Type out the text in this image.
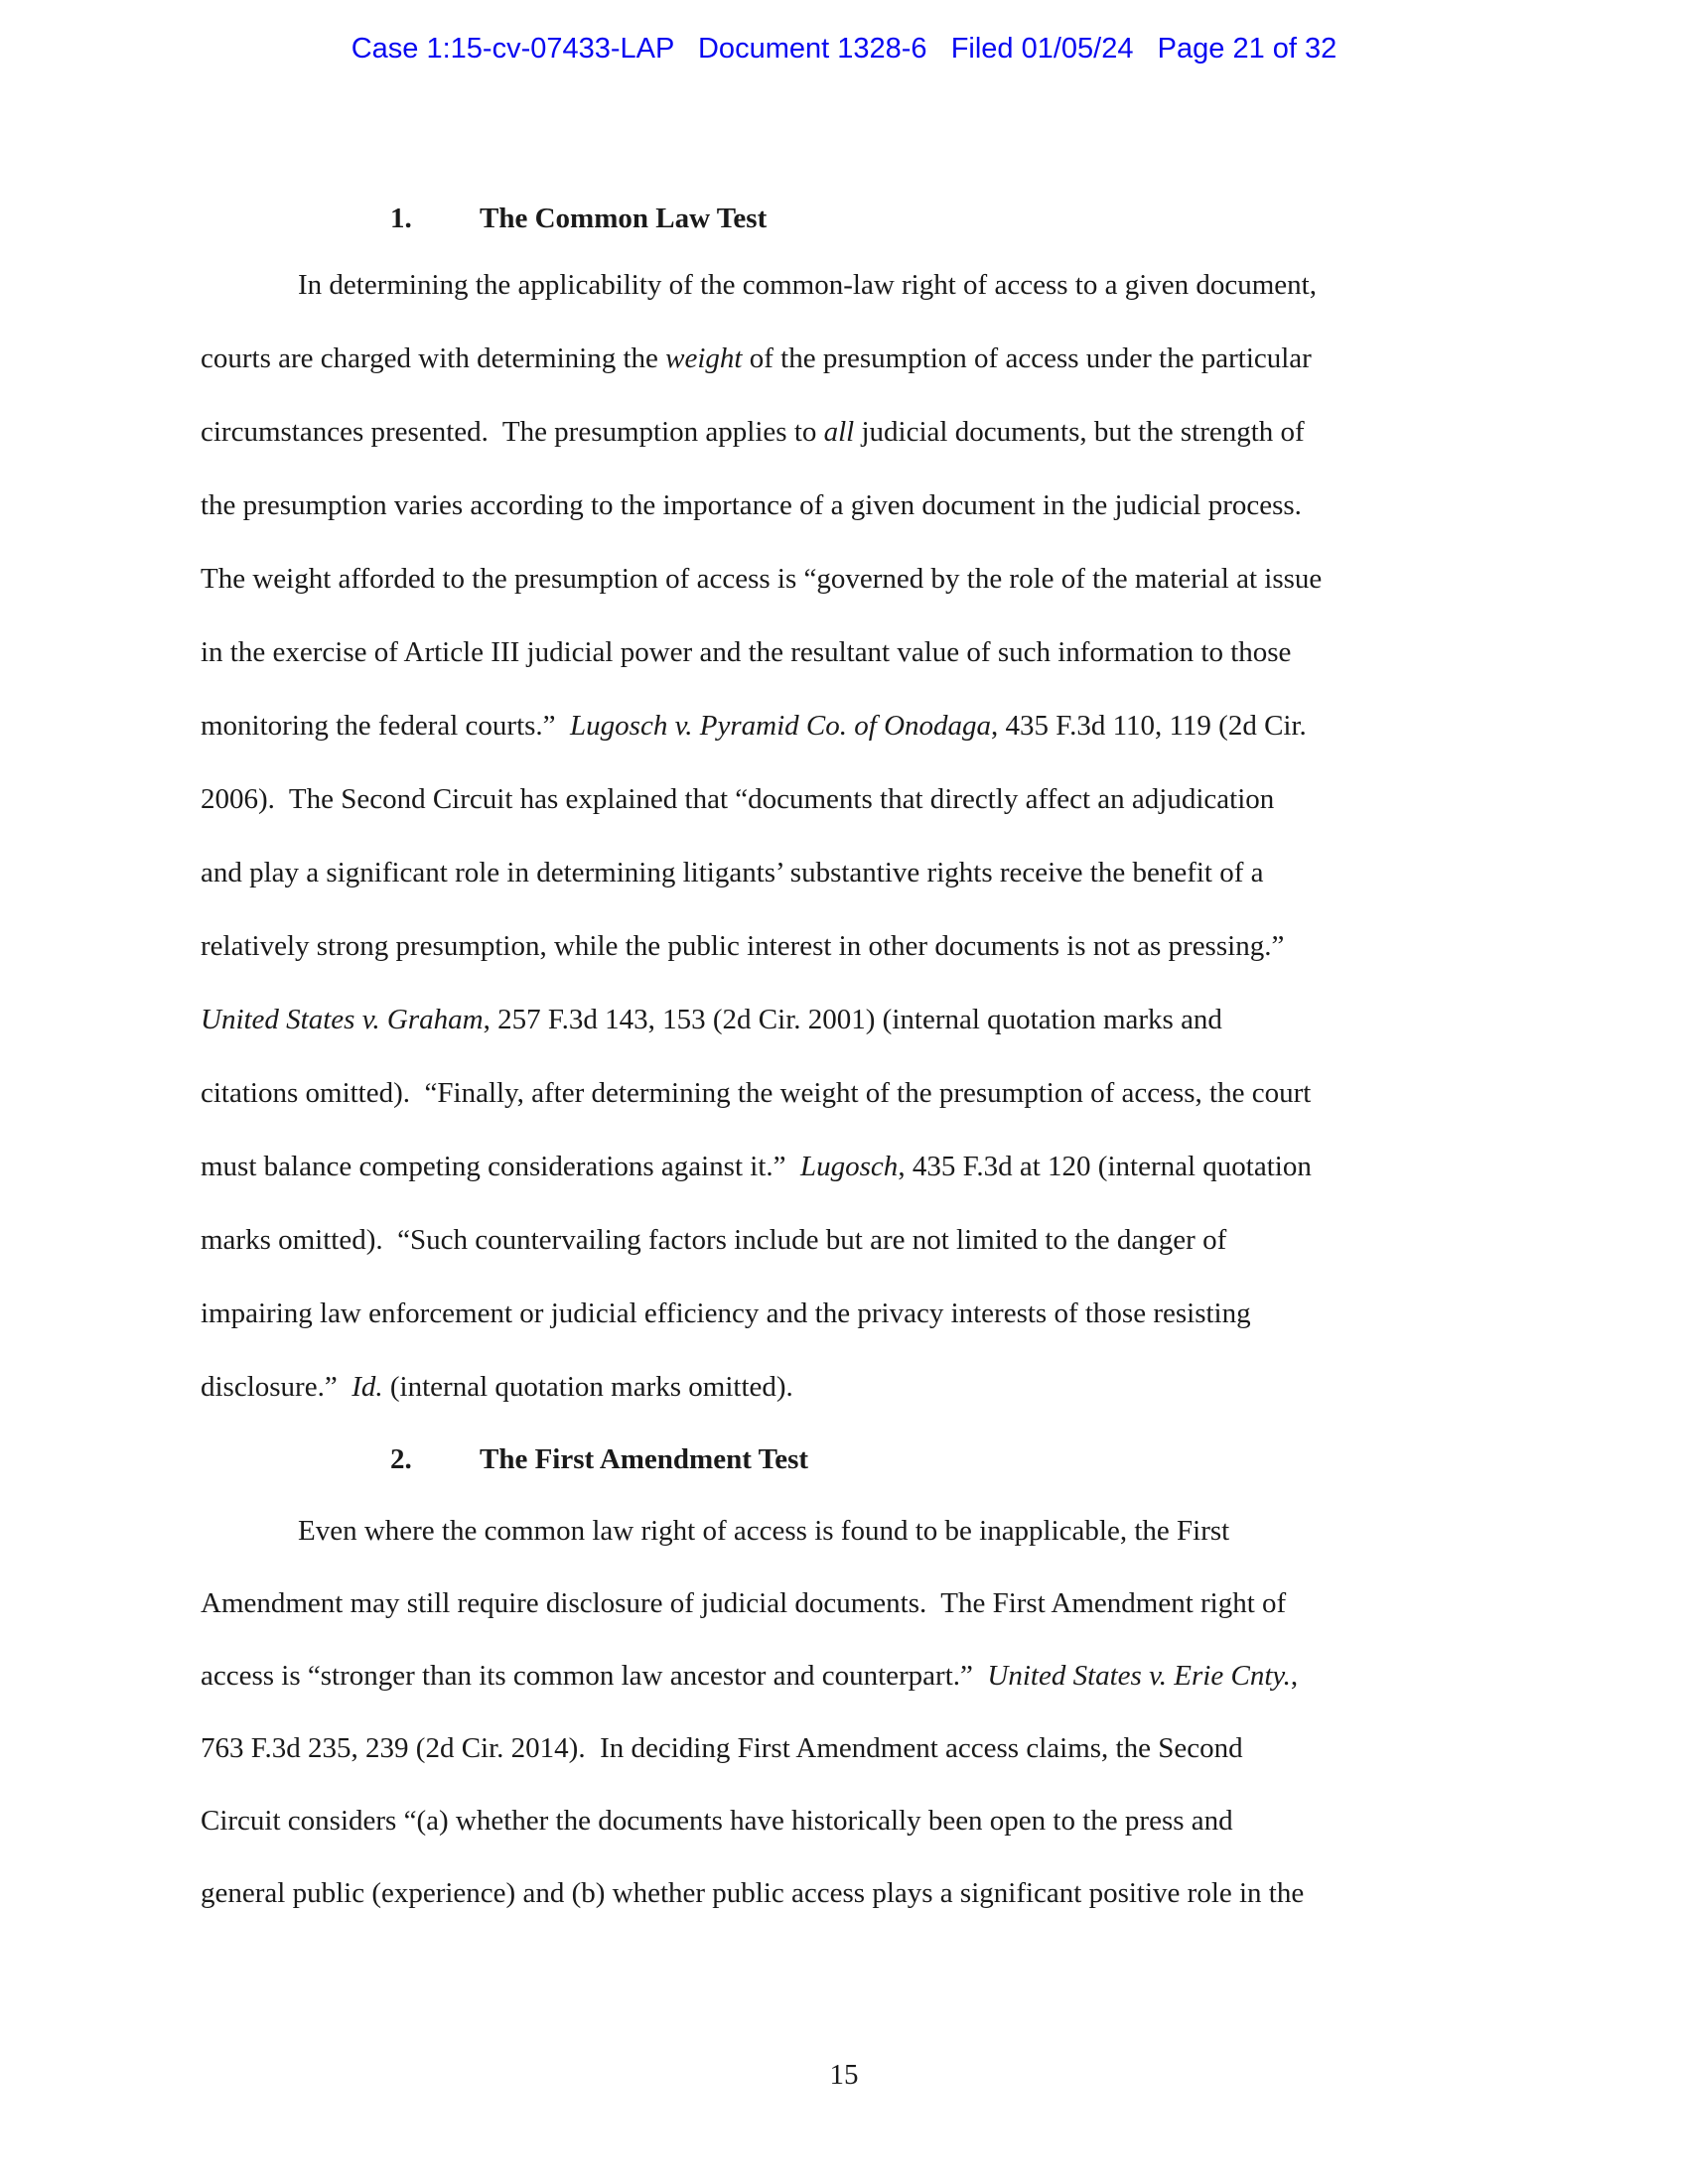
Case 1:15-cv-07433-LAP   Document 1328-6   Filed 01/05/24   Page 21 of 32
1. The Common Law Test
In determining the applicability of the common-law right of access to a given document,
courts are charged with determining the weight of the presumption of access under the particular
circumstances presented.  The presumption applies to all judicial documents, but the strength of
the presumption varies according to the importance of a given document in the judicial process.
The weight afforded to the presumption of access is “governed by the role of the material at issue
in the exercise of Article III judicial power and the resultant value of such information to those
monitoring the federal courts.”  Lugosch v. Pyramid Co. of Onodaga, 435 F.3d 110, 119 (2d Cir.
2006).  The Second Circuit has explained that “documents that directly affect an adjudication
and play a significant role in determining litigants’ substantive rights receive the benefit of a
relatively strong presumption, while the public interest in other documents is not as pressing.”
United States v. Graham, 257 F.3d 143, 153 (2d Cir. 2001) (internal quotation marks and
citations omitted).  “Finally, after determining the weight of the presumption of access, the court
must balance competing considerations against it.”  Lugosch, 435 F.3d at 120 (internal quotation
marks omitted).  “Such countervailing factors include but are not limited to the danger of
impairing law enforcement or judicial efficiency and the privacy interests of those resisting
disclosure.”  Id. (internal quotation marks omitted).
2. The First Amendment Test
Even where the common law right of access is found to be inapplicable, the First
Amendment may still require disclosure of judicial documents.  The First Amendment right of
access is “stronger than its common law ancestor and counterpart.”  United States v. Erie Cnty.,
763 F.3d 235, 239 (2d Cir. 2014).  In deciding First Amendment access claims, the Second
Circuit considers “(a) whether the documents have historically been open to the press and
general public (experience) and (b) whether public access plays a significant positive role in the
15
